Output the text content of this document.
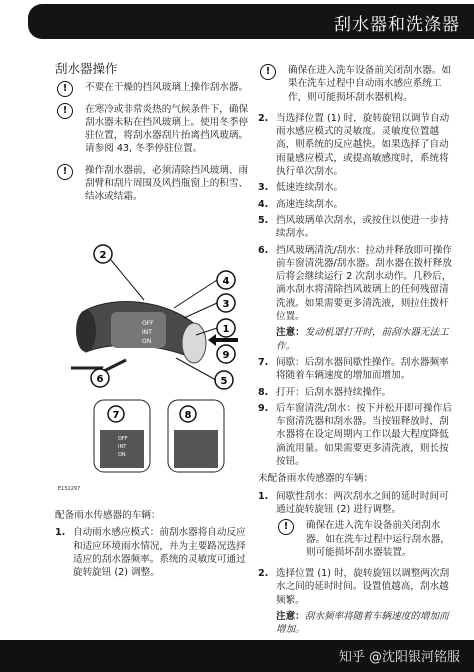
刮水器和洗涤器
刮水器操作
!	不要在干燥的挡风玻璃上操作刮水器。
!	在寒冷或非常炎热的气候条件下，确保刮水器未粘在挡风玻璃上。使用冬季停驻位置，将刮水器刮片抬离挡风玻璃。请参阅 43, 冬季停驻位置。
!	操作刮水器前，必须清除挡风玻璃、雨刮臂和刮片周围及风挡瓶窗上的积雪、结冰或结霜。
OFF
INT
ON
2
4
3
1
9
5
6
7	8
OFF
INT
ON
E152297
配备雨水传感器的车辆：
1. 自动雨水感应模式：前刮水器将自动反应和适应环境雨水情况，并为主要路况选择适应的刮水器频率。系统的灵敏度可通过旋转旋钮 (2) 调整。
!	确保在进入洗车设备前关闭刮水器。如果在洗车过程中自动雨水感应系统工作，则可能损坏刮水器机构。
2. 当选择位置 (1) 时，旋转旋钮以调节自动雨水感应模式的灵敏度。灵敏度位置越高，则系统的反应越快。如果选择了自动雨量感应模式，或提高敏感度时，系统将执行单次刮水。
3. 低速连续刮水。
4. 高速连续刮水。
5. 挡风玻璃单次刮水，或按住以使进一步持续刮水。
6. 挡风玻璃清洗/刮水：拉动并释放即可操作前车窗清洗器/刮水器。刮水器在拨杆释放后将会继续运行 2 次刮水动作。几秒后，滴水刮水将清除挡风玻璃上的任何残留清洗液。如果需要更多清洗液，则拉住拨杆位置。
注意：发动机罩打开时，前刮水器无法工作。
7. 间歇：后刮水器间歇性操作。刮水器频率将随着车辆速度的增加而增加。
8. 打开：后刮水器持续操作。
9. 后车窗清洗/刮水：按下并松开即可操作后车窗清洗器和刮水器。当按钮释放时，刮水器将在设定周期内工作以最大程度降低滴流用量。如果需要更多清洗液，则长按按钮。
未配备雨水传感器的车辆：
1. 间歇性刮水：两次刮水之间的延时时间可通过旋转旋钮 (2) 进行调整。
!	确保在进入洗车设备前关闭刮水器。如在洗车过程中运行刮水器，则可能损坏刮水器装置。
2. 选择位置 (1) 时，旋转旋钮以调整两次刮水之间的延时时间。设置值越高，刮水越频繁。
注意：刮水频率将随着车辆速度的增加而增加。
知乎 @沈阳银河铭服
